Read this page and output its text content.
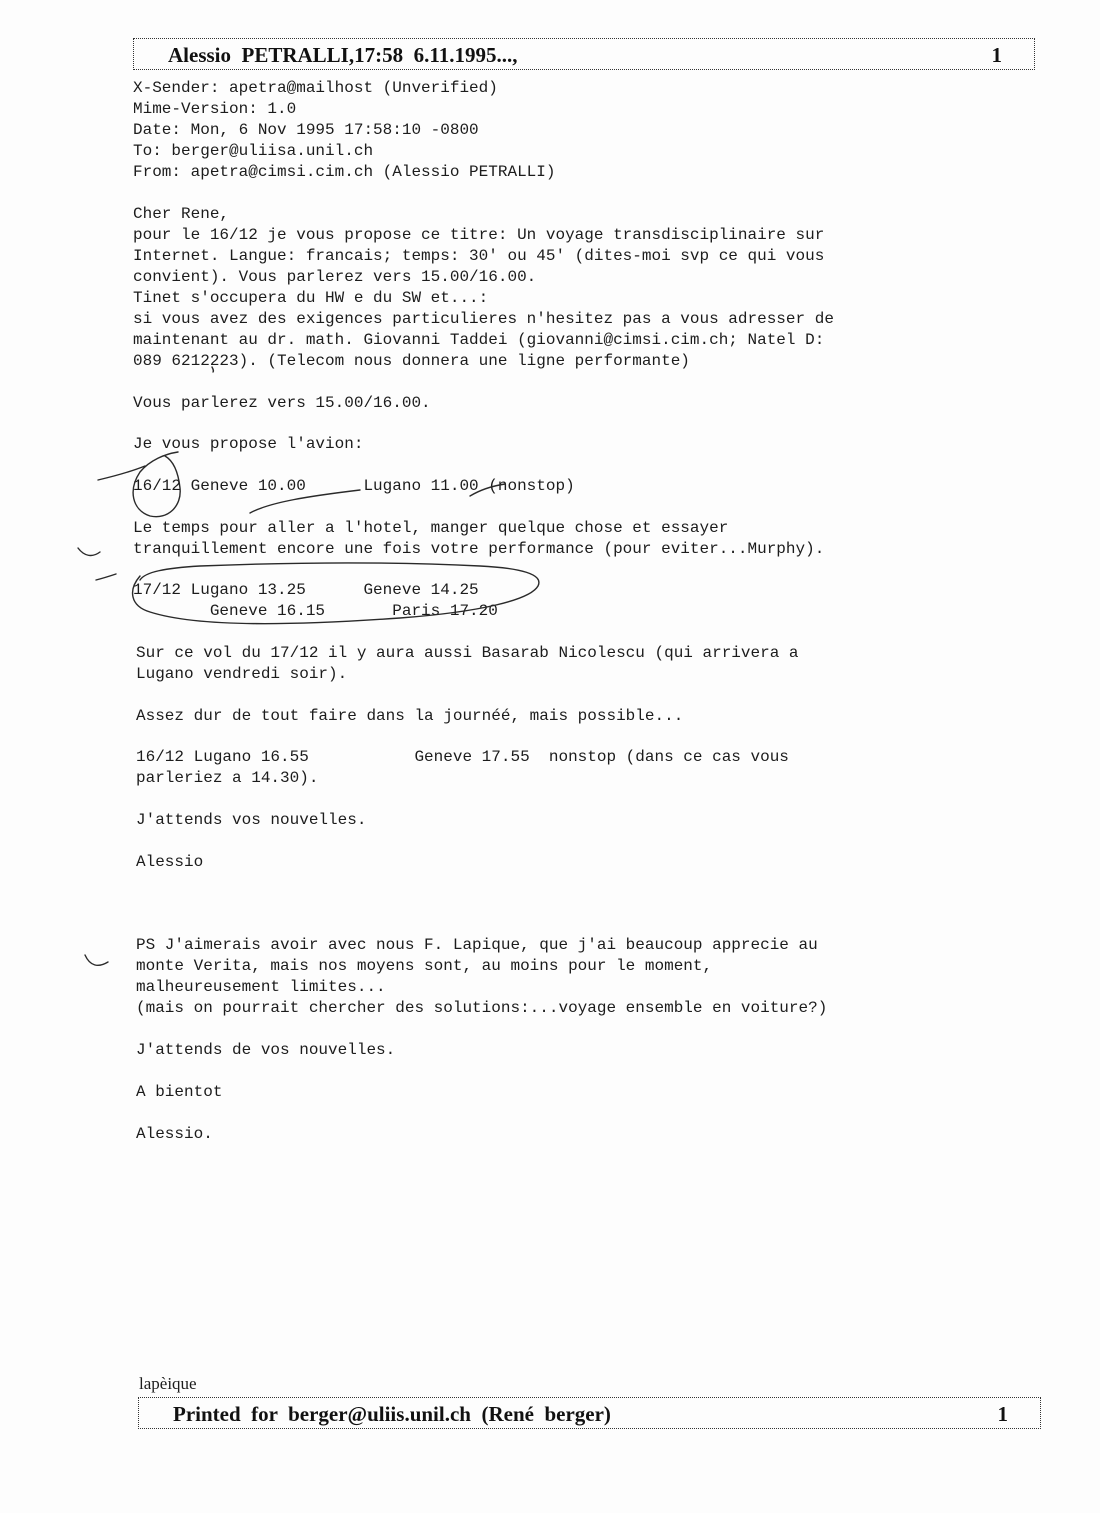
Alessio  PETRALLI,17:58  6.11.1995...,	1

X-Sender: apetra@mailhost (Unverified)

Mime-Version: 1.0

Date: Mon, 6 Nov 1995 17:58:10 -0800

To: berger@uliisa.unil.ch

From: apetra@cimsi.cim.ch (Alessio PETRALLI)

Cher Rene,

pour le 16/12 je vous propose ce titre: Un voyage transdisciplinaire sur

Internet. Langue: francais; temps: 30' ou 45' (dites-moi svp ce qui vous

convient). Vous parlerez vers 15.00/16.00.

Tinet s'occupera du HW e du SW et...:

si vous avez des exigences particulieres n'hesitez pas a vous adresser de

maintenant au dr. math. Giovanni Taddei (giovanni@cimsi.cim.ch; Natel D:

089 6212223). (Telecom nous donnera une ligne performante)

Vous parlerez vers 15.00/16.00.

Je vous propose l'avion:

16/12 Geneve 10.00      Lugano 11.00 (nonstop)

Le temps pour aller a l'hotel, manger quelque chose et essayer

tranquillement encore une fois votre performance (pour eviter...Murphy).

17/12 Lugano 13.25      Geneve 14.25

Geneve 16.15       Paris 17.20

Sur ce vol du 17/12 il y aura aussi Basarab Nicolescu (qui arrivera a

Lugano vendredi soir).

Assez dur de tout faire dans la journéé, mais possible...

16/12 Lugano 16.55           Geneve 17.55  nonstop (dans ce cas vous

parleriez a 14.30).

J'attends vos nouvelles.

Alessio

PS J'aimerais avoir avec nous F. Lapique, que j'ai beaucoup apprecie au

monte Verita, mais nos moyens sont, au moins pour le moment,

malheureusement limites...

(mais on pourrait chercher des solutions:...voyage ensemble en voiture?)

J'attends de vos nouvelles.

A bientot

Alessio.

lapèique
Printed  for  berger@uliis.unil.ch  (René  berger)	1
